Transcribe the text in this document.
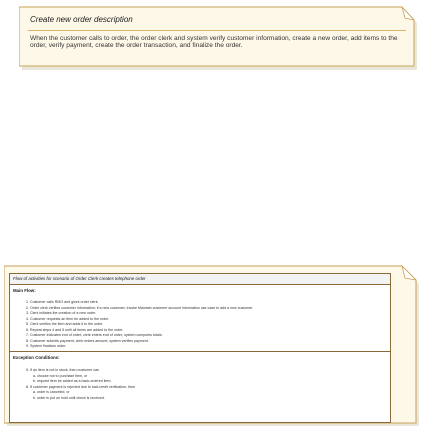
Create new order description
When the customer calls to order, the order clerk and system verify customer information, create a new order, add items to the order, verify payment, create the order transaction, and finalize the order.
Flow of activities for scenario of Order Clerk creates telephone order
Main Flow:
1. Customer calls RMO and gives order clerk.
2. Order clerk verifies customer information; if a new customer, invoke Maintain customer account information use case to add a new customer.
3. Clerk initiates the creation of a new order.
4. Customer requests an item be added to the order.
5. Clerk verifies the item and adds it to the order.
6. Repeat steps 4 and 5 until all items are added to the order.
7. Customer indicates end of order; clerk enters end of order; system computes totals.
8. Customer submits payment; clerk enters amount; system verifies payment.
9. System finalizes order.
Exception Conditions:
5. If an item is not in stock, then customer can
a. choose not to purchase item, or
b. request item be added as a back-ordered item.
8. If customer payment is rejected due to bad-credit verification, then
a. order is canceled, or
b. order is put on hold until check is received.
